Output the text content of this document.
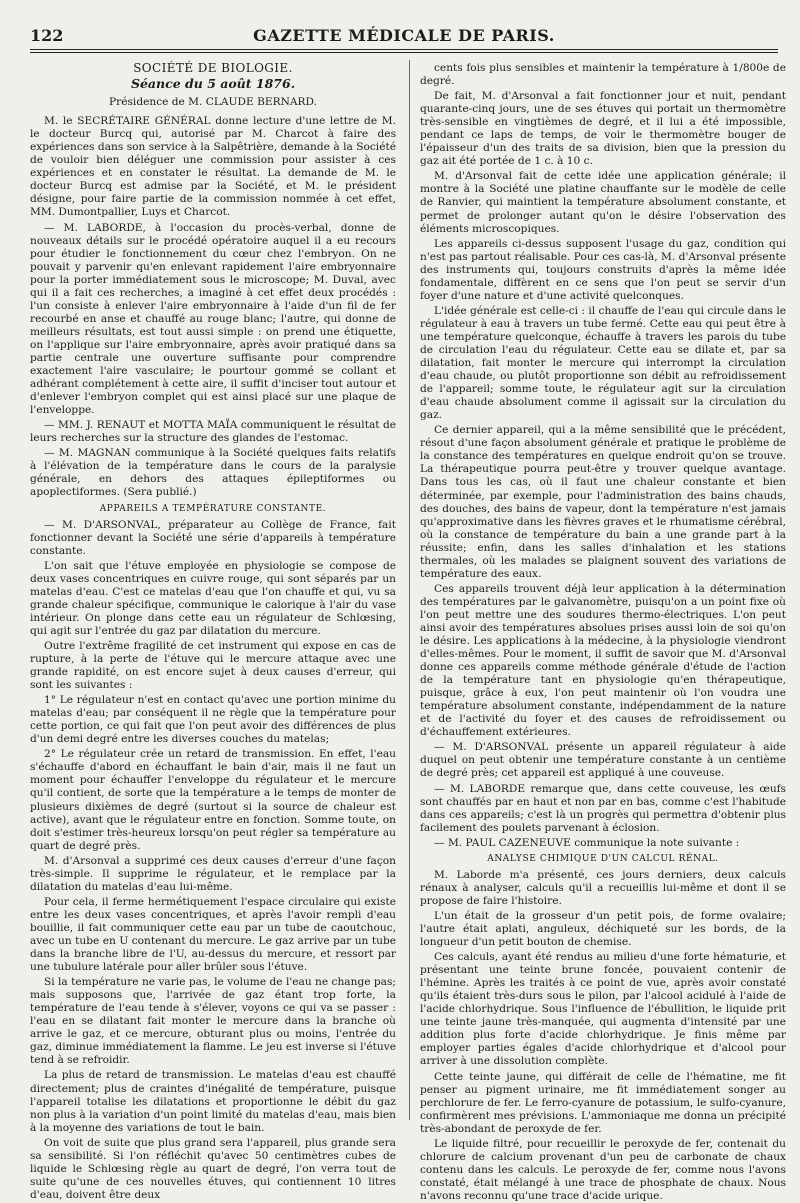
122	GAZETTE MÉDICALE DE PARIS.

SOCIÉTÉ DE BIOLOGIE.

Séance du 5 août 1876.

Présidence de M. CLAUDE BERNARD.

M. le SECRÉTAIRE GÉNÉRAL donne lecture d'une lettre de M. le docteur Burcq qui, autorisé par M. Charcot à faire des expériences dans son service à la Salpêtrière, demande à la Société de vouloir bien déléguer une commission pour assister à ces expériences et en constater le résultat. La demande de M. le docteur Burcq est admise par la Société, et M. le président désigne, pour faire partie de la commission nommée à cet effet, MM. Dumontpallier, Luys et Charcot.

— M. LABORDE, à l'occasion du procès-verbal, donne de nouveaux détails sur le procédé opératoire auquel il a eu recours pour étudier le fonctionnement du cœur chez l'embryon. On ne pouvait y parvenir qu'en enlevant rapidement l'aire embryonnaire pour la porter immédiatement sous le microscope; M. Duval, avec qui il a fait ces recherches, a imaginé à cet effet deux procédés : l'un consiste à enlever l'aire embryonnaire à l'aide d'un fil de fer recourbé en anse et chauffé au rouge blanc; l'autre, qui donne de meilleurs résultats, est tout aussi simple : on prend une étiquette, on l'applique sur l'aire embryonnaire, après avoir pratiqué dans sa partie centrale une ouverture suffisante pour comprendre exactement l'aire vasculaire; le pourtour gommé se collant et adhérant complétement à cette aire, il suffit d'inciser tout autour et d'enlever l'embryon complet qui est ainsi placé sur une plaque de l'enveloppe.

— MM. J. RENAUT et MOTTA MAÏA communiquent le résultat de leurs recherches sur la structure des glandes de l'estomac.

— M. MAGNAN communique à la Société quelques faits relatifs à l'élévation de la température dans le cours de la paralysie générale, en dehors des attaques épileptiformes ou apoplectiformes. (Sera publié.)

APPAREILS A TEMPÉRATURE CONSTANTE.

— M. D'ARSONVAL, préparateur au Collège de France, fait fonctionner devant la Société une série d'appareils à température constante.

L'on sait que l'étuve employée en physiologie se compose de deux vases concentriques en cuivre rouge, qui sont séparés par un matelas d'eau. C'est ce matelas d'eau que l'on chauffe et qui, vu sa grande chaleur spécifique, communique le calorique à l'air du vase intérieur. On plonge dans cette eau un régulateur de Schlœsing, qui agit sur l'entrée du gaz par dilatation du mercure.

Outre l'extrême fragilité de cet instrument qui expose en cas de rupture, à la perte de l'étuve qui le mercure attaque avec une grande rapidité, on est encore sujet à deux causes d'erreur, qui sont les suivantes :

1° Le régulateur n'est en contact qu'avec une portion minime du matelas d'eau; par conséquent il ne règle que la température pour cette portion, ce qui fait que l'on peut avoir des différences de plus d'un demi degré entre les diverses couches du matelas;

2° Le régulateur crée un retard de transmission. En effet, l'eau s'échauffe d'abord en échauffant le bain d'air, mais il ne faut un moment pour échauffer l'enveloppe du régulateur et le mercure qu'il contient, de sorte que la température a le temps de monter de plusieurs dixièmes de degré (surtout si la source de chaleur est active), avant que le régulateur entre en fonction. Somme toute, on doit s'estimer très-heureux lorsqu'on peut régler sa température au quart de degré près.

M. d'Arsonval a supprimé ces deux causes d'erreur d'une façon très-simple. Il supprime le régulateur, et le remplace par la dilatation du matelas d'eau lui-même.

Pour cela, il ferme hermétiquement l'espace circulaire qui existe entre les deux vases concentriques, et après l'avoir rempli d'eau bouillie, il fait communiquer cette eau par un tube de caoutchouc, avec un tube en U contenant du mercure. Le gaz arrive par un tube dans la branche libre de l'U, au-dessus du mercure, et ressort par une tubulure latérale pour aller brûler sous l'étuve.

Si la température ne varie pas, le volume de l'eau ne change pas; mais supposons que, l'arrivée de gaz étant trop forte, la température de l'eau tende à s'élever, voyons ce qui va se passer : l'eau en se dilatant fait monter le mercure dans la branche où arrive le gaz, et ce mercure, obturant plus ou moins, l'entrée du gaz, diminue immédiatement la flamme. Le jeu est inverse si l'étuve tend à se refroidir.

La plus de retard de transmission. Le matelas d'eau est chauffé directement; plus de craintes d'inégalité de température, puisque l'appareil totalise les dilatations et proportionne le débit du gaz non plus à la variation d'un point limité du matelas d'eau, mais bien à la moyenne des variations de tout le bain.

On voit de suite que plus grand sera l'appareil, plus grande sera sa sensibilité. Si l'on réfléchit qu'avec 50 centimètres cubes de liquide le Schlœsing règle au quart de degré, l'on verra tout de suite qu'une de ces nouvelles étuves, qui contiennent 10 litres d'eau, doivent être deux

cents fois plus sensibles et maintenir la température à 1/800e de degré.

De fait, M. d'Arsonval a fait fonctionner jour et nuit, pendant quarante-cinq jours, une de ses étuves qui portait un thermomètre très-sensible en vingtièmes de degré, et il lui a été impossible, pendant ce laps de temps, de voir le thermomètre bouger de l'épaisseur d'un des traits de sa division, bien que la pression du gaz ait été portée de 1 c. à 10 c.

M. d'Arsonval fait de cette idée une application générale; il montre à la Société une platine chauffante sur le modèle de celle de Ranvier, qui maintient la température absolument constante, et permet de prolonger autant qu'on le désire l'observation des éléments microscopiques.

Les appareils ci-dessus supposent l'usage du gaz, condition qui n'est pas partout réalisable. Pour ces cas-là, M. d'Arsonval présente des instruments qui, toujours construits d'après la même idée fondamentale, diffèrent en ce sens que l'on peut se servir d'un foyer d'une nature et d'une activité quelconques.

L'idée générale est celle-ci : il chauffe de l'eau qui circule dans le régulateur à eau à travers un tube fermé. Cette eau qui peut être à une température quelconque, échauffe à travers les parois du tube de circulation l'eau du régulateur. Cette eau se dilate et, par sa dilatation, fait monter le mercure qui interrompt la circulation d'eau chaude, ou plutôt proportionne son débit au refroidissement de l'appareil; somme toute, le régulateur agit sur la circulation d'eau chaude absolument comme il agissait sur la circulation du gaz.

Ce dernier appareil, qui a la même sensibilité que le précédent, résout d'une façon absolument générale et pratique le problème de la constance des températures en quelque endroit qu'on se trouve. La thérapeutique pourra peut-être y trouver quelque avantage. Dans tous les cas, où il faut une chaleur constante et bien déterminée, par exemple, pour l'administration des bains chauds, des douches, des bains de vapeur, dont la température n'est jamais qu'approximative dans les fièvres graves et le rhumatisme cérébral, où la constance de température du bain a une grande part à la réussite; enfin, dans les salles d'inhalation et les stations thermales, où les malades se plaignent souvent des variations de température des eaux.

Ces appareils trouvent déjà leur application à la détermination des températures par le galvanomètre, puisqu'on a un point fixe où l'on peut mettre une des soudures thermo-électriques. L'on peut ainsi avoir des températures absolues prises aussi loin de soi qu'on le désire. Les applications à la médecine, à la physiologie viendront d'elles-mêmes. Pour le moment, il suffit de savoir que M. d'Arsonval donne ces appareils comme méthode générale d'étude de l'action de la température tant en physiologie qu'en thérapeutique, puisque, grâce à eux, l'on peut maintenir où l'on voudra une température absolument constante, indépendamment de la nature et de l'activité du foyer et des causes de refroidissement ou d'échauffement extérieures.

— M. D'ARSONVAL présente un appareil régulateur à aide duquel on peut obtenir une température constante à un centième de degré près; cet appareil est appliqué à une couveuse.

— M. LABORDE remarque que, dans cette couveuse, les œufs sont chauffés par en haut et non par en bas, comme c'est l'habitude dans ces appareils; c'est là un progrès qui permettra d'obtenir plus facilement des poulets parvenant à éclosion.

— M. PAUL CAZENEUVE communique la note suivante :

ANALYSE CHIMIQUE D'UN CALCUL RÉNAL.

M. Laborde m'a présenté, ces jours derniers, deux calculs rénaux à analyser, calculs qu'il a recueillis lui-même et dont il se propose de faire l'histoire.

L'un était de la grosseur d'un petit pois, de forme ovalaire; l'autre était aplati, anguleux, déchiqueté sur les bords, de la longueur d'un petit bouton de chemise.

Ces calculs, ayant été rendus au milieu d'une forte hématurie, et présentant une teinte brune foncée, pouvaient contenir de l'hémine. Après les traités à ce point de vue, après avoir constaté qu'ils étaient très-durs sous le pilon, par l'alcool acidulé à l'aide de l'acide chlorhydrique. Sous l'influence de l'ébullition, le liquide prit une teinte jaune très-manquée, qui augmenta d'intensité par une addition plus forte d'acide chlorhydrique. Je finis même par employer parties égales d'acide chlorhydrique et d'alcool pour arriver à une dissolution complète.

Cette teinte jaune, qui différait de celle de l'hématine, me fit penser au pigment urinaire, me fit immédiatement songer au perchlorure de fer. Le ferro-cyanure de potassium, le sulfo-cyanure, confirmèrent mes prévisions. L'ammoniaque me donna un précipité très-abondant de peroxyde de fer.

Le liquide filtré, pour recueillir le peroxyde de fer, contenait du chlorure de calcium provenant d'un peu de carbonate de chaux contenu dans les calculs. Le peroxyde de fer, comme nous l'avons constaté, était mélangé à une trace de phosphate de chaux. Nous n'avons reconnu qu'une trace d'acide urique.
